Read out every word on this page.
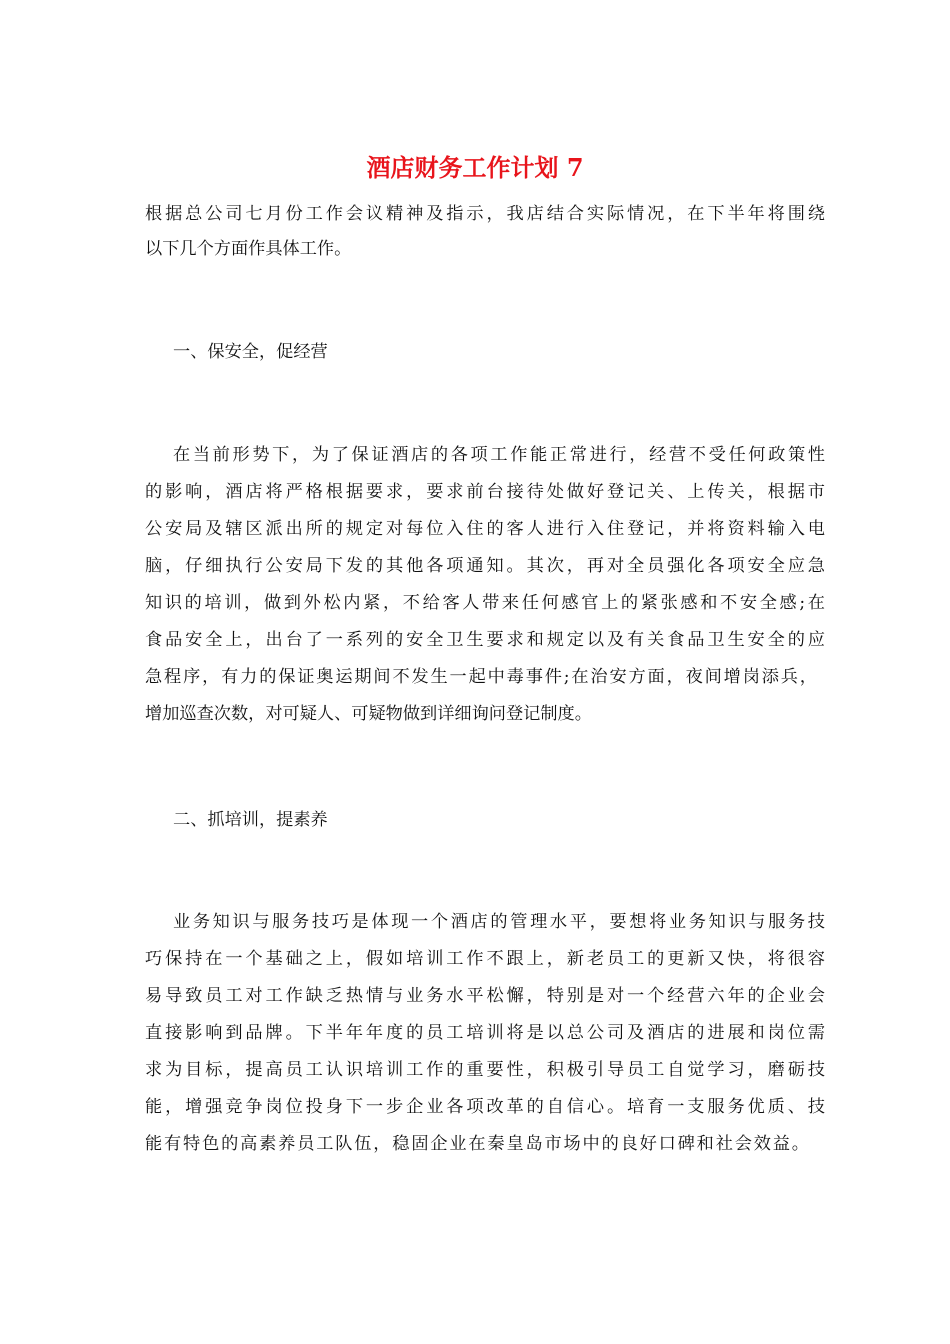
酒店财务工作计划 7
根据总公司七月份工作会议精神及指示，我店结合实际情况，在下半年将围绕
以下几个方面作具体工作。
一、保安全，促经营
在当前形势下，为了保证酒店的各项工作能正常进行，经营不受任何政策性
的影响，酒店将严格根据要求，要求前台接待处做好登记关、上传关，根据市
公安局及辖区派出所的规定对每位入住的客人进行入住登记，并将资料输入电
脑，仔细执行公安局下发的其他各项通知。其次，再对全员强化各项安全应急
知识的培训，做到外松内紧，不给客人带来任何感官上的紧张感和不安全感;在
食品安全上，出台了一系列的安全卫生要求和规定以及有关食品卫生安全的应
急程序，有力的保证奥运期间不发生一起中毒事件;在治安方面，夜间增岗添兵，
增加巡查次数，对可疑人、可疑物做到详细询问登记制度。
二、抓培训，提素养
业务知识与服务技巧是体现一个酒店的管理水平，要想将业务知识与服务技
巧保持在一个基础之上，假如培训工作不跟上，新老员工的更新又快，将很容
易导致员工对工作缺乏热情与业务水平松懈，特别是对一个经营六年的企业会
直接影响到品牌。下半年年度的员工培训将是以总公司及酒店的进展和岗位需
求为目标，提高员工认识培训工作的重要性，积极引导员工自觉学习，磨砺技
能，增强竞争岗位投身下一步企业各项改革的自信心。培育一支服务优质、技
能有特色的高素养员工队伍，稳固企业在秦皇岛市场中的良好口碑和社会效益。
